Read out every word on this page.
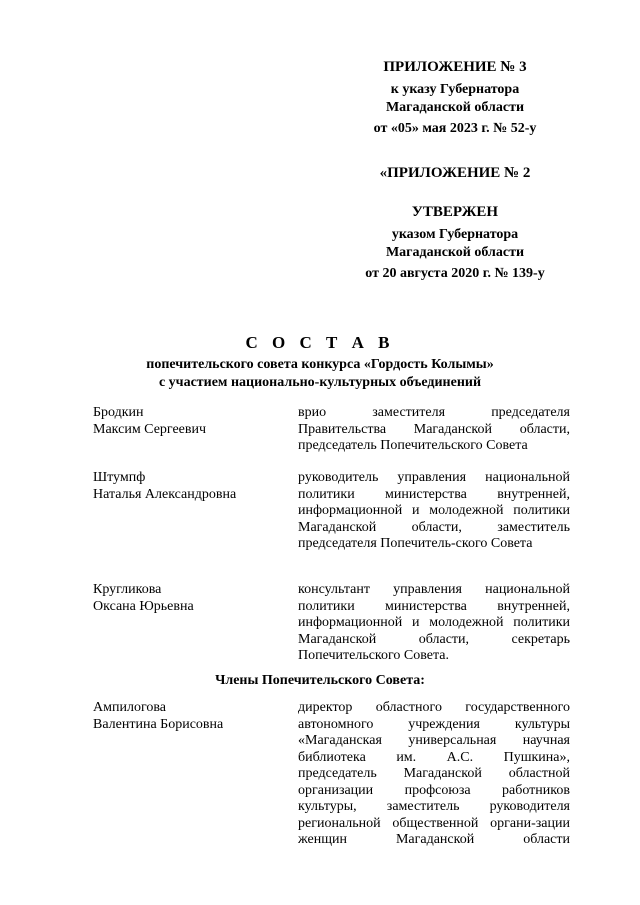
ПРИЛОЖЕНИЕ № 3
к указу Губернатора
Магаданской области
от «05» мая 2023 г. № 52-у
«ПРИЛОЖЕНИЕ № 2
УТВЕРЖЕН
указом Губернатора
Магаданской области
от 20 августа 2020 г. № 139-у
С О С Т А В
попечительского совета конкурса «Гордость Колымы»
с участием национально-культурных объединений
Бродкин
Максим Сергеевич
врио заместителя председателя Правительства Магаданской области, председатель Попечительского Совета
Штумпф
Наталья Александровна
руководитель управления национальной политики министерства внутренней, информационной и молодежной политики Магаданской области, заместитель председателя Попечитель-ского Совета
Кругликова
Оксана Юрьевна
консультант управления национальной политики министерства внутренней, информационной и молодежной политики Магаданской области, секретарь Попечительского Совета.
Члены Попечительского Совета:
Ампилогова
Валентина Борисовна
директор областного государственного автономного учреждения культуры «Магаданская универсальная научная библиотека им. А.С. Пушкина», председатель Магаданской областной организации профсоюза работников культуры, заместитель руководителя региональной общественной органи-зации женщин Магаданской области
